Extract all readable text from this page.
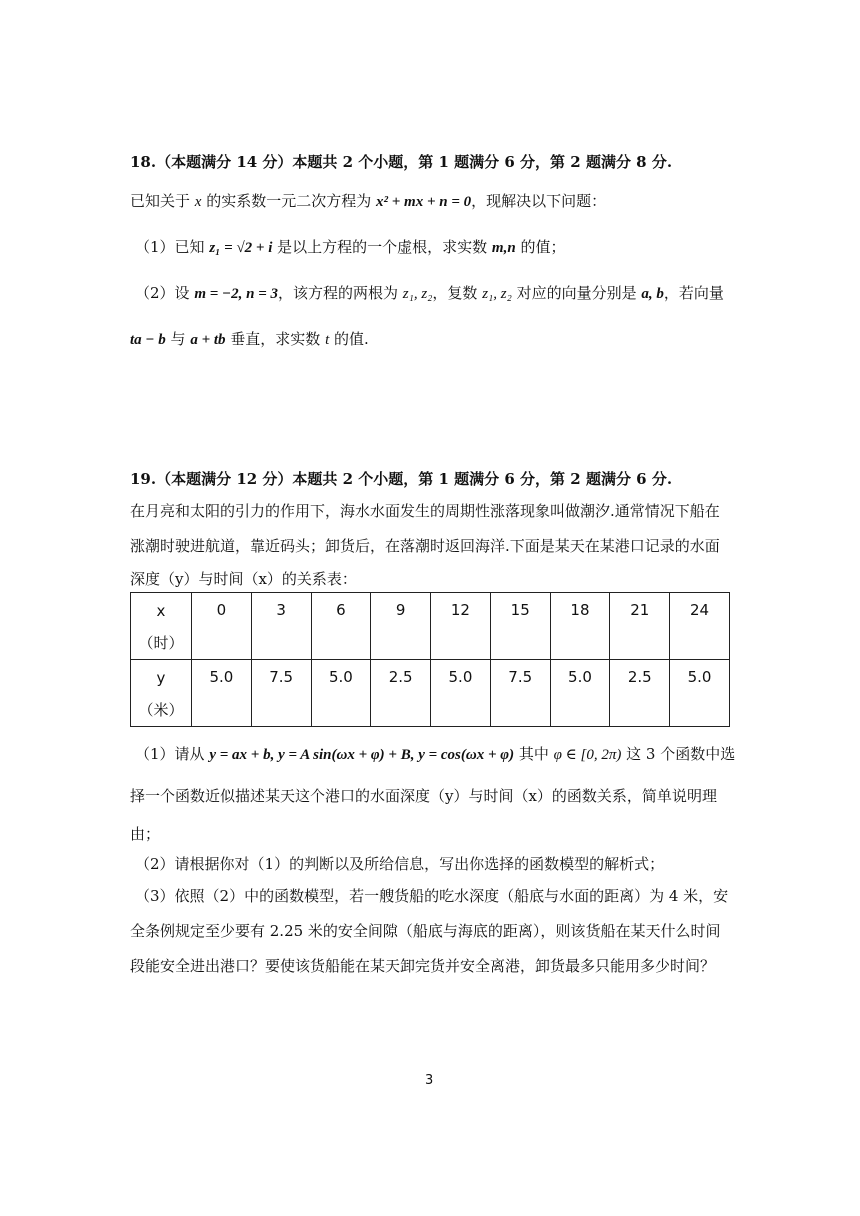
18.（本题满分 14 分）本题共 2 个小题，第 1 题满分 6 分，第 2 题满分 8 分.
已知关于 x 的实系数一元二次方程为 x² + mx + n = 0，现解决以下问题：
（1）已知 z₁ = √2 + i 是以上方程的一个虚根，求实数 m,n 的值；
（2）设 m = −2, n = 3，该方程的两根为 z₁, z₂，复数 z₁, z₂ 对应的向量分别是 a, b，若向量
ta − b 与 a + tb 垂直，求实数 t 的值.
19.（本题满分 12 分）本题共 2 个小题，第 1 题满分 6 分，第 2 题满分 6 分.
在月亮和太阳的引力的作用下，海水水面发生的周期性涨落现象叫做潮汐.通常情况下船在
涨潮时驶进航道，靠近码头；卸货后，在落潮时返回海洋.下面是某天在某港口记录的水面
深度（y）与时间（x）的关系表：
x
（时）	0	3	6	9	12	15	18	21	24
y
（米）	5.0	7.5	5.0	2.5	5.0	7.5	5.0	2.5	5.0
（1）请从 y = ax + b, y = A sin(ωx + φ) + B, y = cos(ωx + φ) 其中 φ ∈ [0, 2π) 这 3 个函数中选
择一个函数近似描述某天这个港口的水面深度（y）与时间（x）的函数关系，简单说明理
由；
（2）请根据你对（1）的判断以及所给信息，写出你选择的函数模型的解析式；
（3）依照（2）中的函数模型，若一艘货船的吃水深度（船底与水面的距离）为 4 米，安
全条例规定至少要有 2.25 米的安全间隙（船底与海底的距离），则该货船在某天什么时间
段能安全进出港口？要使该货船能在某天卸完货并安全离港，卸货最多只能用多少时间？
3
